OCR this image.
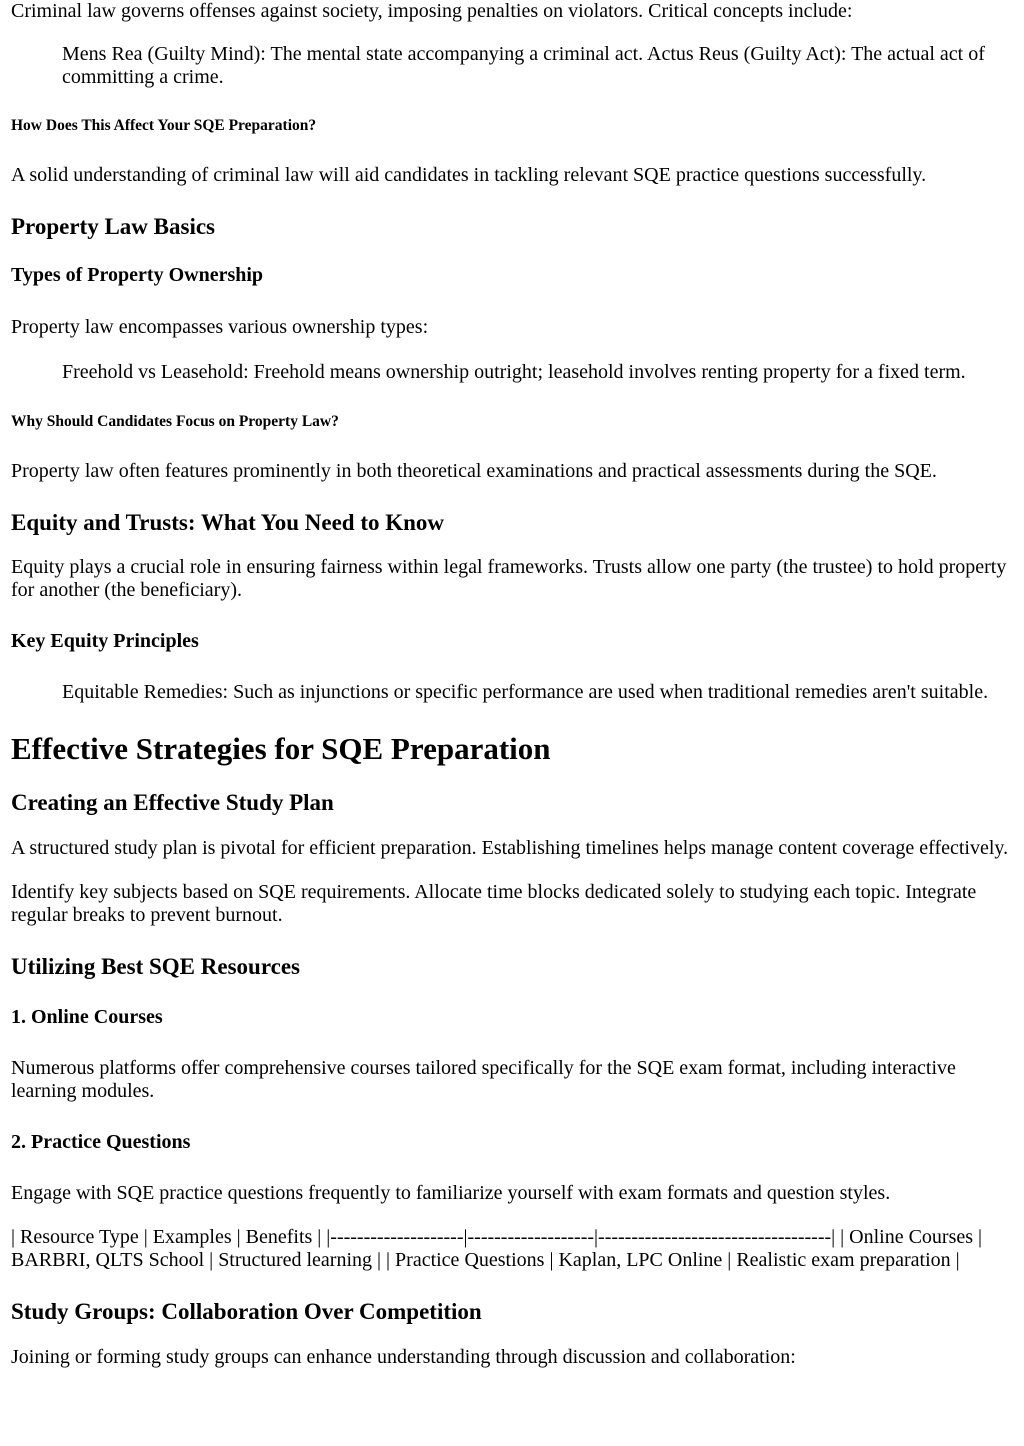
Criminal law governs offenses against society, imposing penalties on violators. Critical concepts include:

Mens Rea (Guilty Mind): The mental state accompanying a criminal act. Actus Reus (Guilty Act): The actual act of committing a crime.

How Does This Affect Your SQE Preparation?

A solid understanding of criminal law will aid candidates in tackling relevant SQE practice questions successfully.

Property Law Basics
Types of Property Ownership

Property law encompasses various ownership types:

Freehold vs Leasehold: Freehold means ownership outright; leasehold involves renting property for a fixed term.

Why Should Candidates Focus on Property Law?

Property law often features prominently in both theoretical examinations and practical assessments during the SQE.

Equity and Trusts: What You Need to Know

Equity plays a crucial role in ensuring fairness within legal frameworks. Trusts allow one party (the trustee) to hold property for another (the beneficiary).

Key Equity Principles

Equitable Remedies: Such as injunctions or specific performance are used when traditional remedies aren't suitable.

Effective Strategies for SQE Preparation
Creating an Effective Study Plan

A structured study plan is pivotal for efficient preparation. Establishing timelines helps manage content coverage effectively.

Identify key subjects based on SQE requirements. Allocate time blocks dedicated solely to studying each topic. Integrate regular breaks to prevent burnout.

Utilizing Best SQE Resources
1. Online Courses

Numerous platforms offer comprehensive courses tailored specifically for the SQE exam format, including interactive learning modules.

2. Practice Questions

Engage with SQE practice questions frequently to familiarize yourself with exam formats and question styles.

| Resource Type | Examples | Benefits | |--------------------|-------------------|-----------------------------------| | Online Courses | BARBRI, QLTS School | Structured learning | | Practice Questions | Kaplan, LPC Online | Realistic exam preparation |

Study Groups: Collaboration Over Competition

Joining or forming study groups can enhance understanding through discussion and collaboration:
